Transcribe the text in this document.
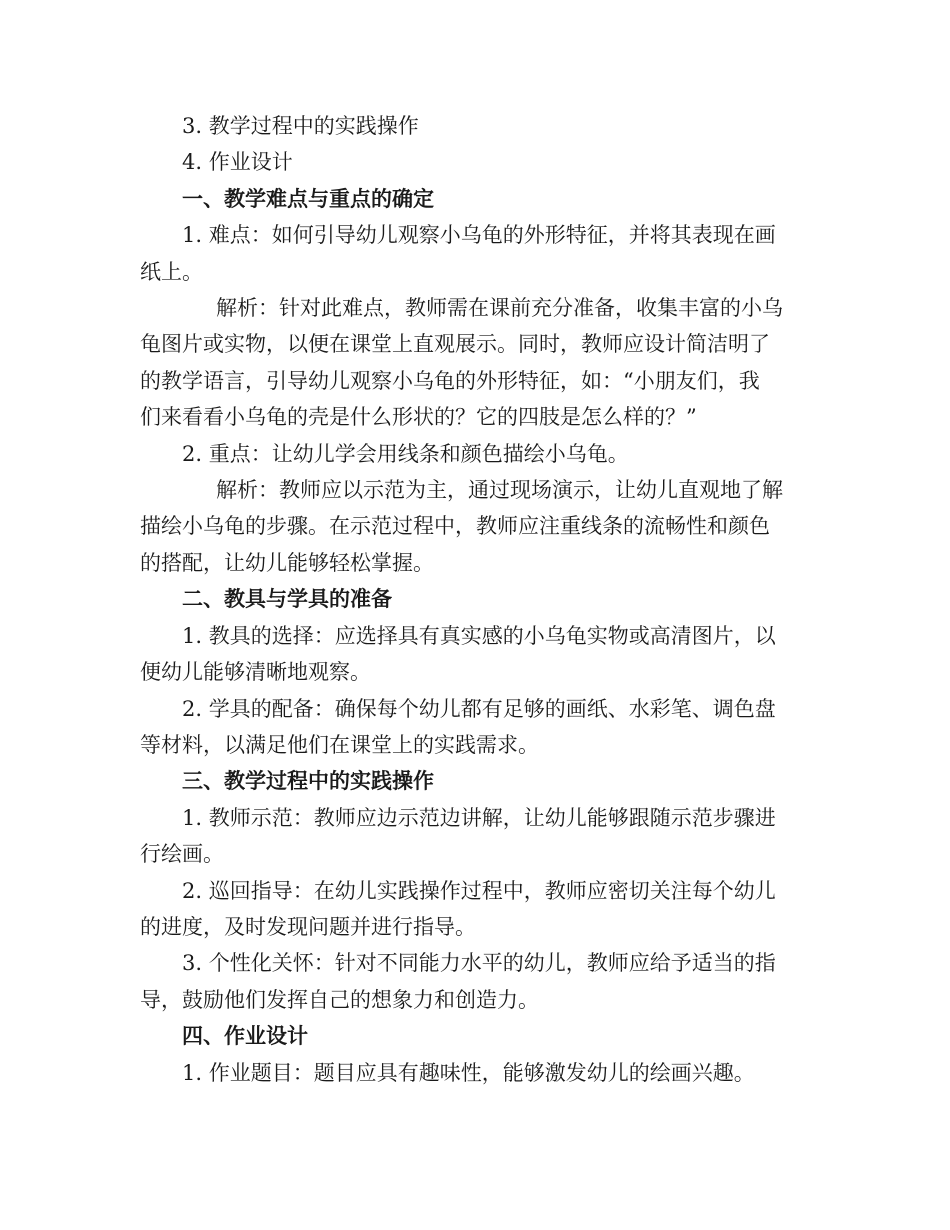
3. 教学过程中的实践操作

4. 作业设计

一、教学难点与重点的确定

1. 难点：如何引导幼儿观察小乌龟的外形特征，并将其表现在画

纸上。

解析：针对此难点，教师需在课前充分准备，收集丰富的小乌

龟图片或实物，以便在课堂上直观展示。同时，教师应设计简洁明了

的教学语言，引导幼儿观察小乌龟的外形特征，如：“小朋友们，我

们来看看小乌龟的壳是什么形状的？它的四肢是怎么样的？”

2. 重点：让幼儿学会用线条和颜色描绘小乌龟。

解析：教师应以示范为主，通过现场演示，让幼儿直观地了解

描绘小乌龟的步骤。在示范过程中，教师应注重线条的流畅性和颜色

的搭配，让幼儿能够轻松掌握。

二、教具与学具的准备

1. 教具的选择：应选择具有真实感的小乌龟实物或高清图片，以

便幼儿能够清晰地观察。

2. 学具的配备：确保每个幼儿都有足够的画纸、水彩笔、调色盘

等材料，以满足他们在课堂上的实践需求。

三、教学过程中的实践操作

1. 教师示范：教师应边示范边讲解，让幼儿能够跟随示范步骤进

行绘画。

2. 巡回指导：在幼儿实践操作过程中，教师应密切关注每个幼儿

的进度，及时发现问题并进行指导。

3. 个性化关怀：针对不同能力水平的幼儿，教师应给予适当的指

导，鼓励他们发挥自己的想象力和创造力。

四、作业设计

1. 作业题目：题目应具有趣味性，能够激发幼儿的绘画兴趣。
